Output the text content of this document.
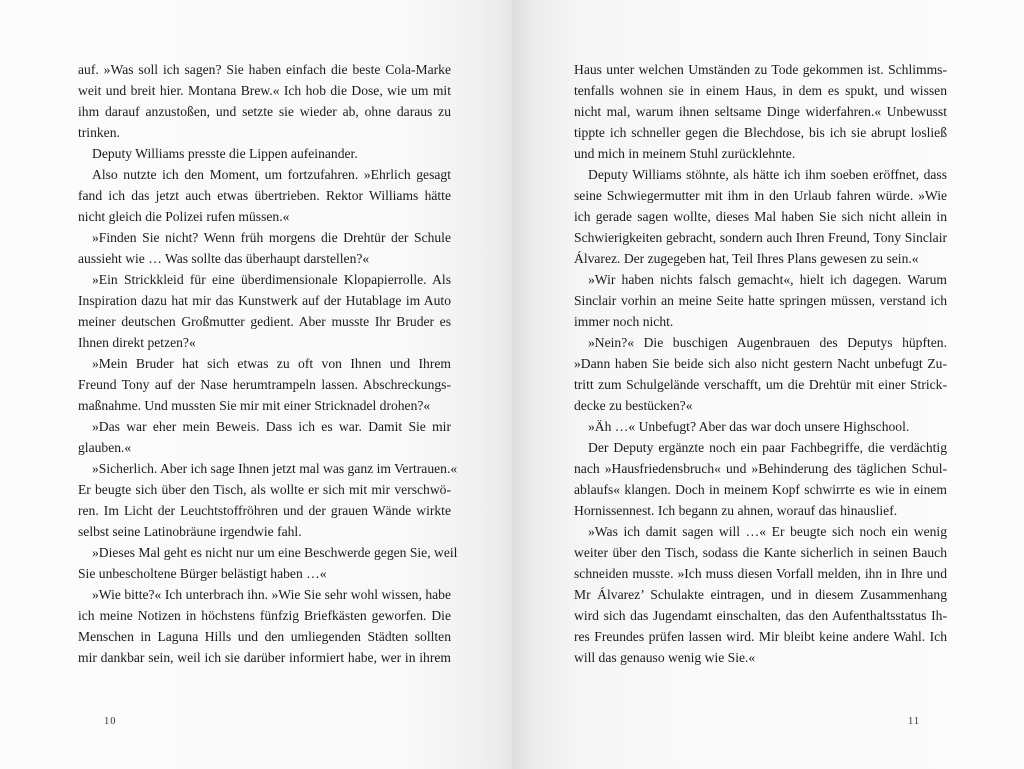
auf. »Was soll ich sagen? Sie haben einfach die beste Cola-Marke
weit und breit hier. Montana Brew.« Ich hob die Dose, wie um mit
ihm darauf anzustoßen, und setzte sie wieder ab, ohne daraus zu
trinken.
Deputy Williams presste die Lippen aufeinander.
Also nutzte ich den Moment, um fortzufahren. »Ehrlich gesagt
fand ich das jetzt auch etwas übertrieben. Rektor Williams hätte
nicht gleich die Polizei rufen müssen.«
»Finden Sie nicht? Wenn früh morgens die Drehtür der Schule
aussieht wie … Was sollte das überhaupt darstellen?«
»Ein Strickkleid für eine überdimensionale Klopapierrolle. Als
Inspiration dazu hat mir das Kunstwerk auf der Hutablage im Auto
meiner deutschen Großmutter gedient. Aber musste Ihr Bruder es
Ihnen direkt petzen?«
»Mein Bruder hat sich etwas zu oft von Ihnen und Ihrem
Freund Tony auf der Nase herumtrampeln lassen. Abschreckungs-
maßnahme. Und mussten Sie mir mit einer Stricknadel drohen?«
»Das war eher mein Beweis. Dass ich es war. Damit Sie mir
glauben.«
»Sicherlich. Aber ich sage Ihnen jetzt mal was ganz im Vertrauen.«
Er beugte sich über den Tisch, als wollte er sich mit mir verschwö-
ren. Im Licht der Leuchtstoffröhren und der grauen Wände wirkte
selbst seine Latinobräune irgendwie fahl.
»Dieses Mal geht es nicht nur um eine Beschwerde gegen Sie, weil
Sie unbescholtene Bürger belästigt haben …«
»Wie bitte?« Ich unterbrach ihn. »Wie Sie sehr wohl wissen, habe
ich meine Notizen in höchstens fünfzig Briefkästen geworfen. Die
Menschen in Laguna Hills und den umliegenden Städten sollten
mir dankbar sein, weil ich sie darüber informiert habe, wer in ihrem
10
Haus unter welchen Umständen zu Tode gekommen ist. Schlimms-
tenfalls wohnen sie in einem Haus, in dem es spukt, und wissen
nicht mal, warum ihnen seltsame Dinge widerfahren.« Unbewusst
tippte ich schneller gegen die Blechdose, bis ich sie abrupt losließ
und mich in meinem Stuhl zurücklehnte.
Deputy Williams stöhnte, als hätte ich ihm soeben eröffnet, dass
seine Schwiegermutter mit ihm in den Urlaub fahren würde. »Wie
ich gerade sagen wollte, dieses Mal haben Sie sich nicht allein in
Schwierigkeiten gebracht, sondern auch Ihren Freund, Tony Sinclair
Álvarez. Der zugegeben hat, Teil Ihres Plans gewesen zu sein.«
»Wir haben nichts falsch gemacht«, hielt ich dagegen. Warum
Sinclair vorhin an meine Seite hatte springen müssen, verstand ich
immer noch nicht.
»Nein?« Die buschigen Augenbrauen des Deputys hüpften.
»Dann haben Sie beide sich also nicht gestern Nacht unbefugt Zu-
tritt zum Schulgelände verschafft, um die Drehtür mit einer Strick-
decke zu bestücken?«
»Äh …« Unbefugt? Aber das war doch unsere Highschool.
Der Deputy ergänzte noch ein paar Fachbegriffe, die verdächtig
nach »Hausfriedensbruch« und »Behinderung des täglichen Schul-
ablaufs« klangen. Doch in meinem Kopf schwirrte es wie in einem
Hornissennest. Ich begann zu ahnen, worauf das hinauslief.
»Was ich damit sagen will …« Er beugte sich noch ein wenig
weiter über den Tisch, sodass die Kante sicherlich in seinen Bauch
schneiden musste. »Ich muss diesen Vorfall melden, ihn in Ihre und
Mr Álvarez’ Schulakte eintragen, und in diesem Zusammenhang
wird sich das Jugendamt einschalten, das den Aufenthaltsstatus Ih-
res Freundes prüfen lassen wird. Mir bleibt keine andere Wahl. Ich
will das genauso wenig wie Sie.«
11
